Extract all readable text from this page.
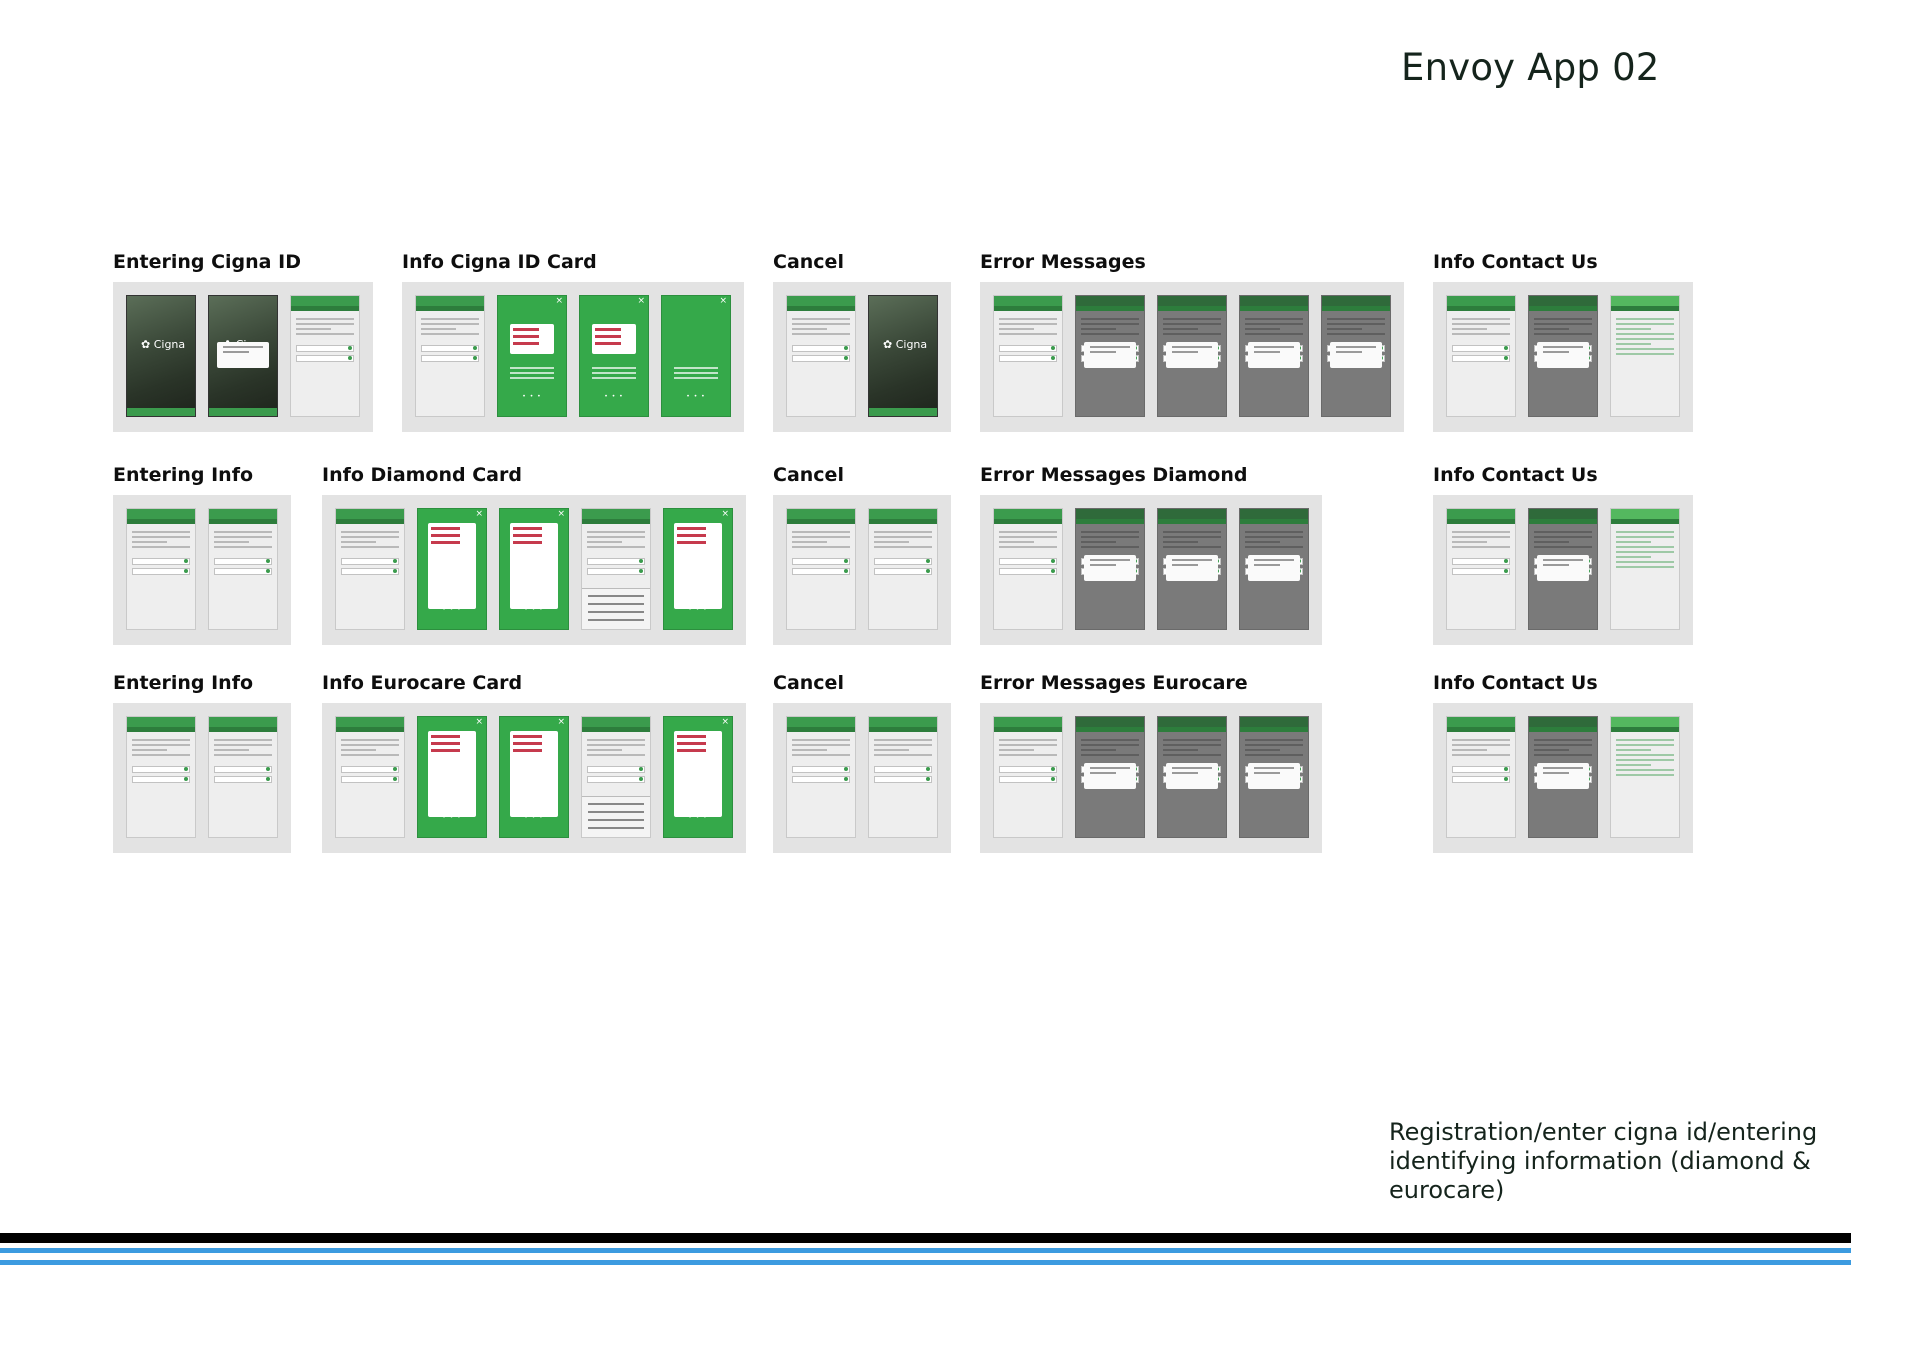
Envoy App 02
Entering Cigna ID
✿ Cigna
Info Cigna ID Card
×
• • •
×
• • •
×
• • •
Cancel
✿ Cigna
Error Messages	Info Contact Us
Entering Info	Info Diamond Card
×
• • •
×
• • •
×
• • •
Cancel	Error Messages Diamond	Info Contact Us
Entering Info	Info Eurocare Card
×
• • •
×
• • •
×
• • •
Cancel	Error Messages Eurocare	Info Contact Us
Registration/enter cigna id/entering identifying information (diamond & eurocare)
